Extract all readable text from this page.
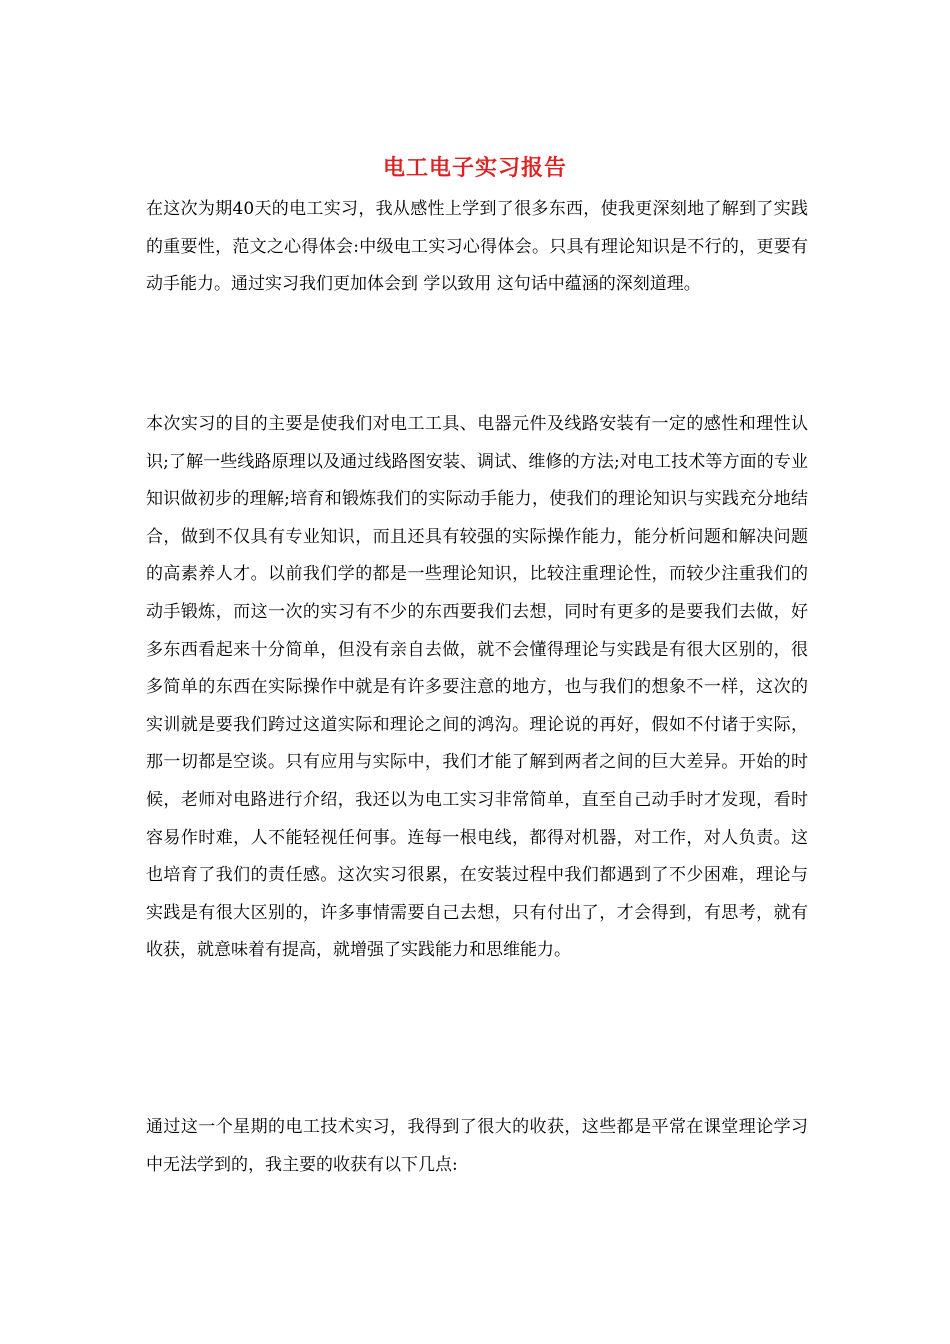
电工电子实习报告

在这次为期40天的电工实习，我从感性上学到了很多东西，使我更深刻地了解到了实践的重要性，范文之心得体会:中级电工实习心得体会。只具有理论知识是不行的，更要有动手能力。通过实习我们更加体会到 学以致用 这句话中蕴涵的深刻道理。

本次实习的目的主要是使我们对电工工具、电器元件及线路安装有一定的感性和理性认识;了解一些线路原理以及通过线路图安装、调试、维修的方法;对电工技术等方面的专业知识做初步的理解;培育和锻炼我们的实际动手能力，使我们的理论知识与实践充分地结合，做到不仅具有专业知识，而且还具有较强的实际操作能力，能分析问题和解决问题的高素养人才。以前我们学的都是一些理论知识，比较注重理论性，而较少注重我们的动手锻炼，而这一次的实习有不少的东西要我们去想，同时有更多的是要我们去做，好多东西看起来十分简单，但没有亲自去做，就不会懂得理论与实践是有很大区别的，很多简单的东西在实际操作中就是有许多要注意的地方，也与我们的想象不一样，这次的实训就是要我们跨过这道实际和理论之间的鸿沟。理论说的再好，假如不付诸于实际，那一切都是空谈。只有应用与实际中，我们才能了解到两者之间的巨大差异。开始的时候，老师对电路进行介绍，我还以为电工实习非常简单，直至自己动手时才发现，看时容易作时难，人不能轻视任何事。连每一根电线，都得对机器，对工作，对人负责。这也培育了我们的责任感。这次实习很累，在安装过程中我们都遇到了不少困难，理论与实践是有很大区别的，许多事情需要自己去想，只有付出了，才会得到，有思考，就有收获，就意味着有提高，就增强了实践能力和思维能力。

通过这一个星期的电工技术实习，我得到了很大的收获，这些都是平常在课堂理论学习中无法学到的，我主要的收获有以下几点:
